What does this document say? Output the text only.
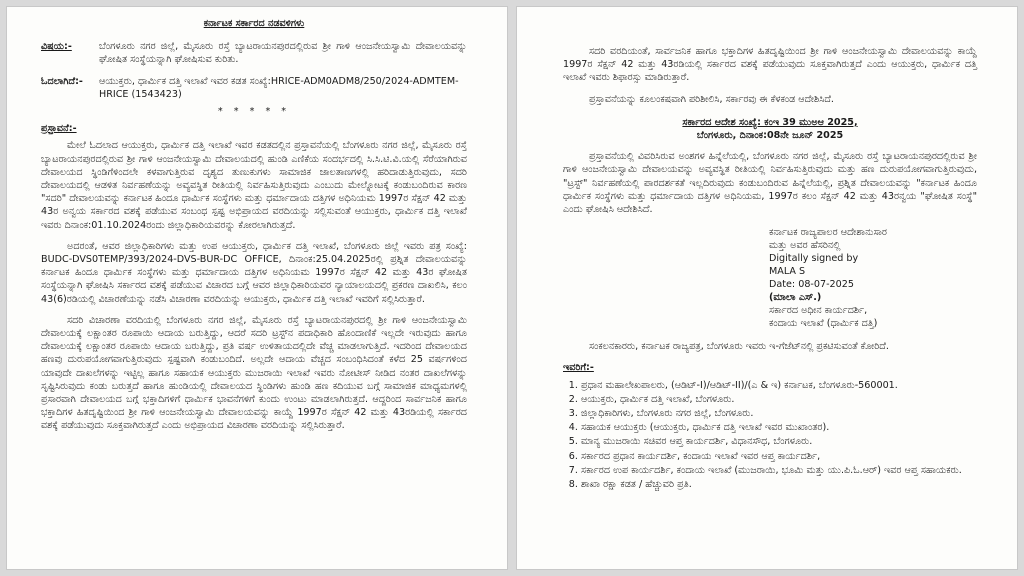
ಕರ್ನಾಟಕ ಸರ್ಕಾರದ ನಡವಳಿಗಳು
ವಿಷಯ:-	ಬೆಂಗಳೂರು ನಗರ ಜಿಲ್ಲೆ, ಮೈಸೂರು ರಸ್ತೆ ಬ್ಯಾಟರಾಯನಪುರದಲ್ಲಿರುವ ಶ್ರೀ ಗಾಳಿ ಆಂಜನೇಯಸ್ವಾಮಿ ದೇವಾಲಯವನ್ನು ಘೋಷಿತ ಸಂಸ್ಥೆಯನ್ನಾಗಿ ಘೋಷಿಸುವ ಕುರಿತು.
ಓದಲಾಗಿದೆ:-	ಆಯುಕ್ತರು, ಧಾರ್ಮಿಕ ದತ್ತಿ ಇಲಾಖೆ ಇವರ ಕಡತ ಸಂಖ್ಯೆ:HRICE-ADM0ADM8/250/2024-ADMTEM-HRICE (1543423)
* * * * *
ಪ್ರಸ್ತಾವನೆ:-

ಮೇಲೆ ಓದಲಾದ ಆಯುಕ್ತರು, ಧಾರ್ಮಿಕ ದತ್ತಿ ಇಲಾಖೆ ಇವರ ಕಡತದಲ್ಲಿನ ಪ್ರಸ್ತಾವನೆಯಲ್ಲಿ ಬೆಂಗಳೂರು ನಗರ ಜಿಲ್ಲೆ, ಮೈಸೂರು ರಸ್ತೆ ಬ್ಯಾಟರಾಯನಪುರದಲ್ಲಿರುವ ಶ್ರೀ ಗಾಳಿ ಆಂಜನೇಯಸ್ವಾಮಿ ದೇವಾಲಯದಲ್ಲಿ ಹುಂಡಿ ಎಣಿಕೆಯ ಸಂದರ್ಭದಲ್ಲಿ ಸಿ.ಸಿ.ಟಿ.ವಿ.ಯಲ್ಲಿ ಸೆರೆಯಾಗಿರುವ ದೇವಾಲಯದ ಸ್ಥಿಂಡಿಗೆಳಿಂದಲೇ ಕಳವಾಗುತ್ತಿರುವ ದೃಶ್ಯದ ತುಣುಕುಗಳು ಸಾಮಾಜಿಕ ಜಾಲತಾಣಗಳಲ್ಲಿ ಹರಿದಾಡುತ್ತಿರುವುದು, ಸದರಿ ದೇವಾಲಯದಲ್ಲಿ ಆಡಳಿತ ನಿರ್ವಹಣೆಯನ್ನು ಅವ್ಯವಸ್ಥಿತ ರೀತಿಯಲ್ಲಿ ನಿರ್ವಹಿಸುತ್ತಿರುವುದು ಎಂಬುದು ಮೇಲ್ನೋಟಕ್ಕೆ ಕಂಡುಬಂದಿರುವ ಕಾರಣ "ಸದರಿ" ದೇವಾಲಯವನ್ನು ಕರ್ನಾಟಕ ಹಿಂದೂ ಧಾರ್ಮಿಕ ಸಂಸ್ಥೆಗಳು ಮತ್ತು ಧರ್ಮಾದಾಯ ದತ್ತಿಗಳ ಅಧಿನಿಯಮ 1997ರ ಸೆಕ್ಷನ್ 42 ಮತ್ತು 43ರ ಅನ್ವಯ ಸರ್ಕಾರದ ವಶಕ್ಕೆ ಪಡೆಯುವ ಸಂಬಂಧ ಸ್ಪಷ್ಟ ಅಭಿಪ್ರಾಯದ ವರದಿಯನ್ನು ಸಲ್ಲಿಸುವಂತೆ ಆಯುಕ್ತರು, ಧಾರ್ಮಿಕ ದತ್ತಿ ಇಲಾಖೆ ಇವರು ದಿನಾಂಕ:01.10.2024ರಂದು ಜಿಲ್ಲಾಧಿಕಾರಿಯವರನ್ನು ಕೋರಲಾಗಿರುತ್ತದೆ.

ಅದರಂತೆ, ಆವರ ಜಿಲ್ಲಾಧಿಕಾರಿಗಳು ಮತ್ತು ಉಪ ಆಯುಕ್ತರು, ಧಾರ್ಮಿಕ ದತ್ತಿ ಇಲಾಖೆ, ಬೆಂಗಳೂರು ಜಿಲ್ಲೆ ಇವರು ಪತ್ರ ಸಂಖ್ಯೆ: BUDC-DVS0TEMP/393/2024-DVS-BUR-DC OFFICE, ದಿನಾಂಕ:25.04.2025ರಲ್ಲಿ ಪ್ರಶ್ನಿತ ದೇವಾಲಯವನ್ನು ಕರ್ನಾಟಕ ಹಿಂದೂ ಧಾರ್ಮಿಕ ಸಂಸ್ಥೆಗಳು ಮತ್ತು ಧರ್ಮಾದಾಯ ದತ್ತಿಗಳ ಅಧಿನಿಯಮ 1997ರ ಸೆಕ್ಷನ್ 42 ಮತ್ತು 43ರ ಘೋಷಿತ ಸಂಸ್ಥೆಯನ್ನಾಗಿ ಘೋಷಿಸಿ ಸರ್ಕಾರದ ವಶಕ್ಕೆ ಪಡೆಯುವ ವಿಚಾರದ ಬಗ್ಗೆ ಆವರ ಜಿಲ್ಲಾಧಿಕಾರಿಯವರ ನ್ಯಾಯಾಲಯದಲ್ಲಿ ಪ್ರಕರಣ ದಾಖಲಿಸಿ, ಕಲಂ 43(6)ರಡಿಯಲ್ಲಿ ವಿಚಾರಣೆಯನ್ನು ನಡೆಸಿ ವಿಚಾರಣಾ ವರದಿಯನ್ನು ಆಯುಕ್ತರು, ಧಾರ್ಮಿಕ ದತ್ತಿ ಇಲಾಖೆ ಇವರಿಗೆ ಸಲ್ಲಿಸಿರುತ್ತಾರೆ.

ಸದರಿ ವಿಚಾರಣಾ ವರದಿಯಲ್ಲಿ ಬೆಂಗಳೂರು ನಗರ ಜಿಲ್ಲೆ, ಮೈಸೂರು ರಸ್ತೆ ಬ್ಯಾಟರಾಯನಪುರದಲ್ಲಿ ಶ್ರೀ ಗಾಳಿ ಆಂಜನೇಯಸ್ವಾಮಿ ದೇವಾಲಯಕ್ಕೆ ಲಕ್ಷಾಂತರ ರೂಪಾಯಿ ಆದಾಯ ಬರುತ್ತಿದ್ದು, ಆದರೆ ಸದರಿ ಟ್ರಸ್ಟ್‌ನ ಪದಾಧಿಕಾರಿ ಹೊಂದಾಣಿಕೆ ಇಲ್ಲದೇ ಇರುವುದು ಹಾಗೂ ದೇವಾಲಯಕ್ಕೆ ಲಕ್ಷಾಂತರ ರೂಪಾಯಿ ಆದಾಯ ಬರುತ್ತಿದ್ದು, ಪ್ರತಿ ವರ್ಷ ಉಳಿತಾಯದಲ್ಲಿದೇ ವೆಚ್ಚ ಮಾಡಲಾಗುತ್ತಿದೆ. ಇದರಿಂದ ದೇವಾಲಯದ ಹಣವು ದುರುಪಯೋಗವಾಗುತ್ತಿರುವುದು ಸ್ಪಷ್ಟವಾಗಿ ಕಂಡುಬಂದಿದೆ. ಅಲ್ಲದೇ ಆದಾಯ ವೆಚ್ಚದ ಸಂಬಂಧಿಸಿದಂತೆ ಕಳೆದ 25 ವರ್ಷಗಳಿಂದ ಯಾವುದೇ ದಾಖಲೆಗಳನ್ನು ಇಟ್ಟಿಲ್ಲ ಹಾಗೂ ಸಹಾಯಕ ಆಯುಕ್ತರು ಮುಜರಾಯಿ ಇಲಾಖೆ ಇವರು ನೋಟೀಸ್ ನೀಡಿದ ನಂತರ ದಾಖಲೆಗಳನ್ನು ಸೃಷ್ಟಿಸಿರುವುದು ಕಂಡು ಬರುತ್ತದೆ ಹಾಗೂ ಹುಂಡಿಯಲ್ಲಿ ದೇವಾಲಯದ ಸ್ಥಿಂಡಿಗಳು ಹುಂಡಿ ಹಣ ಕದಿಯುವ ಬಗ್ಗೆ ಸಾಮಾಜಿಕ ಮಾಧ್ಯಮಗಳಲ್ಲಿ ಪ್ರಸಾರವಾಗಿ ದೇವಾಲಯದ ಬಗ್ಗೆ ಭಕ್ತಾದಿಗಳಿಗೆ ಧಾರ್ಮಿಕ ಭಾವನೆಗಳಿಗೆ ಕುಂದು ಉಂಟು ಮಾಡಲಾಗಿರುತ್ತದೆ. ಆದ್ದರಿಂದ ಸಾರ್ವಜನಿಕ ಹಾಗೂ ಭಕ್ತಾದಿಗಳ ಹಿತದೃಷ್ಟಿಯಿಂದ ಶ್ರೀ ಗಾಳಿ ಆಂಜನೇಯಸ್ವಾಮಿ ದೇವಾಲಯವನ್ನು ಕಾಯ್ದೆ 1997ರ ಸೆಕ್ಷನ್ 42 ಮತ್ತು 43ರಡಿಯಲ್ಲಿ ಸರ್ಕಾರದ ವಶಕ್ಕೆ ಪಡೆಯುವುದು ಸೂಕ್ತವಾಗಿರುತ್ತದೆ ಎಂದು ಅಭಿಪ್ರಾಯದ ವಿಚಾರಣಾ ವರದಿಯನ್ನು ಸಲ್ಲಿಸಿರುತ್ತಾರೆ.

ಸದರಿ ವರದಿಯಂತೆ, ಸಾರ್ವಜನಿಕ ಹಾಗೂ ಭಕ್ತಾದಿಗಳ ಹಿತದೃಷ್ಟಿಯಿಂದ ಶ್ರೀ ಗಾಳಿ ಆಂಜನೇಯಸ್ವಾಮಿ ದೇವಾಲಯವನ್ನು ಕಾಯ್ದೆ 1997ರ ಸೆಕ್ಷನ್ 42 ಮತ್ತು 43ರಡಿಯಲ್ಲಿ ಸರ್ಕಾರದ ವಶಕ್ಕೆ ಪಡೆಯುವುದು ಸೂಕ್ತವಾಗಿರುತ್ತದೆ ಎಂದು ಆಯುಕ್ತರು, ಧಾರ್ಮಿಕ ದತ್ತಿ ಇಲಾಖೆ ಇವರು ಶಿಫಾರಸ್ಸು ಮಾಡಿರುತ್ತಾರೆ.

ಪ್ರಸ್ತಾವನೆಯನ್ನು ಕೂಲಂಕಷವಾಗಿ ಪರಿಶೀಲಿಸಿ, ಸರ್ಕಾರವು ಈ ಕೆಳಕಂಡ ಆದೇಶಿಸಿದೆ.

ಸರ್ಕಾರದ ಆದೇಶ ಸಂಖ್ಯೆ: ಕಂಇ 39 ಮುಅಆ 2025,
ಬೆಂಗಳೂರು, ದಿನಾಂಕ:08ನೇ ಜೂನ್ 2025

ಪ್ರಸ್ತಾವನೆಯಲ್ಲಿ ವಿವರಿಸಿರುವ ಅಂಶಗಳ ಹಿನ್ನೆಲೆಯಲ್ಲಿ, ಬೆಂಗಳೂರು ನಗರ ಜಿಲ್ಲೆ, ಮೈಸೂರು ರಸ್ತೆ ಬ್ಯಾಟರಾಯನಪುರದಲ್ಲಿರುವ ಶ್ರೀ ಗಾಳಿ ಆಂಜನೇಯಸ್ವಾಮಿ ದೇವಾಲಯವನ್ನು ಅವ್ಯವಸ್ಥಿತ ರೀತಿಯಲ್ಲಿ ನಿರ್ವಹಿಸುತ್ತಿರುವುದು ಮತ್ತು ಹಣ ದುರುಪಯೋಗವಾಗುತ್ತಿರುವುದು, "ಟ್ರಸ್ಟ್" ನಿರ್ವಹಣೆಯಲ್ಲಿ ಪಾರದರ್ಶಕತೆ ಇಲ್ಲದಿರುವುದು ಕಂಡುಬಂದಿರುವ ಹಿನ್ನೆಲೆಯಲ್ಲಿ, ಪ್ರಶ್ನಿತ ದೇವಾಲಯವನ್ನು "ಕರ್ನಾಟಕ ಹಿಂದೂ ಧಾರ್ಮಿಕ ಸಂಸ್ಥೆಗಳು ಮತ್ತು ಧರ್ಮಾದಾಯ ದತ್ತಿಗಳ ಅಧಿನಿಯಮ, 1997ರ ಕಲಂ ಸೆಕ್ಷನ್ 42 ಮತ್ತು 43ರನ್ವಯ "ಘೋಷಿತ ಸಂಸ್ಥೆ" ಎಂದು ಘೋಷಿಸಿ ಆದೇಶಿಸಿದೆ.

ಕರ್ನಾಟಕ ರಾಜ್ಯಪಾಲರ ಆದೇಶಾನುಸಾರ
ಮತ್ತು ಅವರ ಹೆಸರಿನಲ್ಲಿ
Digitally signed by
MALA S
Date: 08-07-2025
(ಮಾಲಾ ಎಸ್.)
ಸರ್ಕಾರದ ಅಧೀನ ಕಾರ್ಯದರ್ಶಿ,
ಕಂದಾಯ ಇಲಾಖೆ (ಧಾರ್ಮಿಕ ದತ್ತಿ)

ಸಂಕಲನಕಾರರು, ಕರ್ನಾಟಕ ರಾಜ್ಯಪತ್ರ, ಬೆಂಗಳೂರು ಇವರು ಇ-ಗೆಜೆಟ್‌ನಲ್ಲಿ ಪ್ರಕಟಿಸುವಂತೆ ಕೋರಿದೆ.

ಇವರಿಗೆ:-
1. ಪ್ರಧಾನ ಮಹಾಲೇಖಪಾಲರು, (ಆಡಿಟ್-I)/ಆಡಿಟ್-II)/(ಎ & ಇ) ಕರ್ನಾಟಕ, ಬೆಂಗಳೂರು-560001.
2. ಆಯುಕ್ತರು, ಧಾರ್ಮಿಕ ದತ್ತಿ ಇಲಾಖೆ, ಬೆಂಗಳೂರು.
3. ಜಿಲ್ಲಾಧಿಕಾರಿಗಳು, ಬೆಂಗಳೂರು ನಗರ ಜಿಲ್ಲೆ, ಬೆಂಗಳೂರು.
4. ಸಹಾಯಕ ಆಯುಕ್ತರು (ಆಯುಕ್ತರು, ಧಾರ್ಮಿಕ ದತ್ತಿ ಇಲಾಖೆ ಇವರ ಮುಖಾಂತರ).
5. ಮಾನ್ಯ ಮುಜರಾಯಿ ಸಚಿವರ ಆಪ್ತ ಕಾರ್ಯದರ್ಶಿ, ವಿಧಾನಸೌಧ, ಬೆಂಗಳೂರು.
6. ಸರ್ಕಾರದ ಪ್ರಧಾನ ಕಾರ್ಯದರ್ಶಿ, ಕಂದಾಯ ಇಲಾಖೆ ಇವರ ಆಪ್ತ ಕಾರ್ಯದರ್ಶಿ,
7. ಸರ್ಕಾರದ ಉಪ ಕಾರ್ಯದರ್ಶಿ, ಕಂದಾಯ ಇಲಾಖೆ (ಮುಜರಾಯಿ, ಭೂಮಿ ಮತ್ತು ಯು.ಪಿ.ಓ.ಆರ್) ಇವರ ಆಪ್ತ ಸಹಾಯಕರು.
8. ಶಾಖಾ ರಕ್ಷಾ ಕಡತ / ಹೆಚ್ಚುವರಿ ಪ್ರತಿ.
